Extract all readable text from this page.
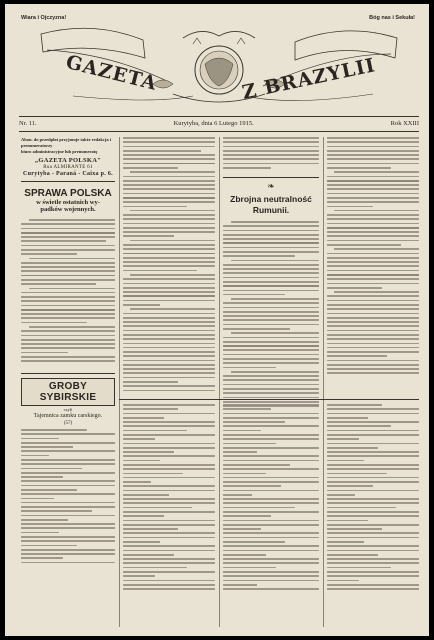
Wiara i Ojczyzna!	Bóg nas i Sekuła!
GAZETA	Z BRAZYLII
Nr. 11.	Kurytyba, dnia 6 Lutego 1915.	Rok XXIII
Abon. do przedpłat przyjmuje także redakcja i prenumeratorzy
biuro administracyjne lub prenumeratę
„GAZETA POLSKA"
Rua ALMIRANTE 61
Curytyba - Paraná - Caixa p. 6.
SPRAWA POLSKA
w świetle ostatnich wy-
padków wojennych.
GROBY SYBIRSKIE
czyli
Tajemnica zamku carskiego.
(57)
❧
Zbrojna neutralność
Rumunii.
